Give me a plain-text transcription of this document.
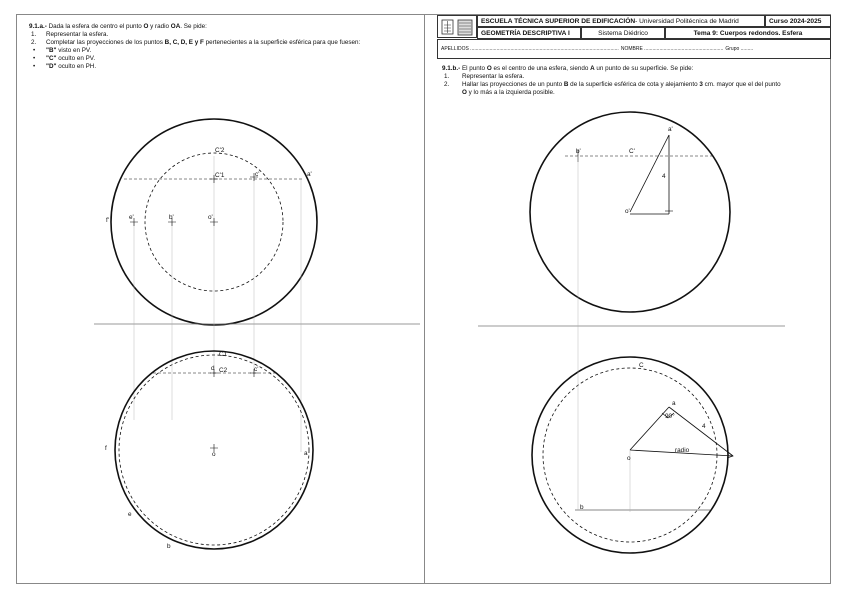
9.1.a.- Dada la esfera de centro el punto O y radio OA. Se pide:
1. Representar la esfera.
2. Completar las proyecciones de los puntos B, C, D, E y F pertenecientes a la superficie esférica para que fuesen:
• "B" visto en PV.
• "C" oculto en PV.
• "D" oculto en PH.
ESCUELA TÉCNICA SUPERIOR DE EDIFICACIÓN - Universidad Politécnica de Madrid	Curso 2024-2025
GEOMETRÍA DESCRIPTIVA I	Sistema Diédrico	Tema 9: Cuerpos redondos. Esfera
APELLIDOS ........................................................................................................... NOMBRE ......................................................... Grupo .........
9.1.b.- El punto O es el centro de una esfera, siendo A un punto de su superficie. Se pide:
1. Representar la esfera.
2. Hallar las proyecciones de un punto B de la superficie esférica de cota y alejamiento 3 cm. mayor que el del punto
O y lo más a la izquierda posible.
C'2
C'1	c'	a'
f'	e'	b'	o'
C1
d C2	c'
f
o	a
e
b
a'
b'	C'
4
o'
C
a
90°
4
o
radio
b
